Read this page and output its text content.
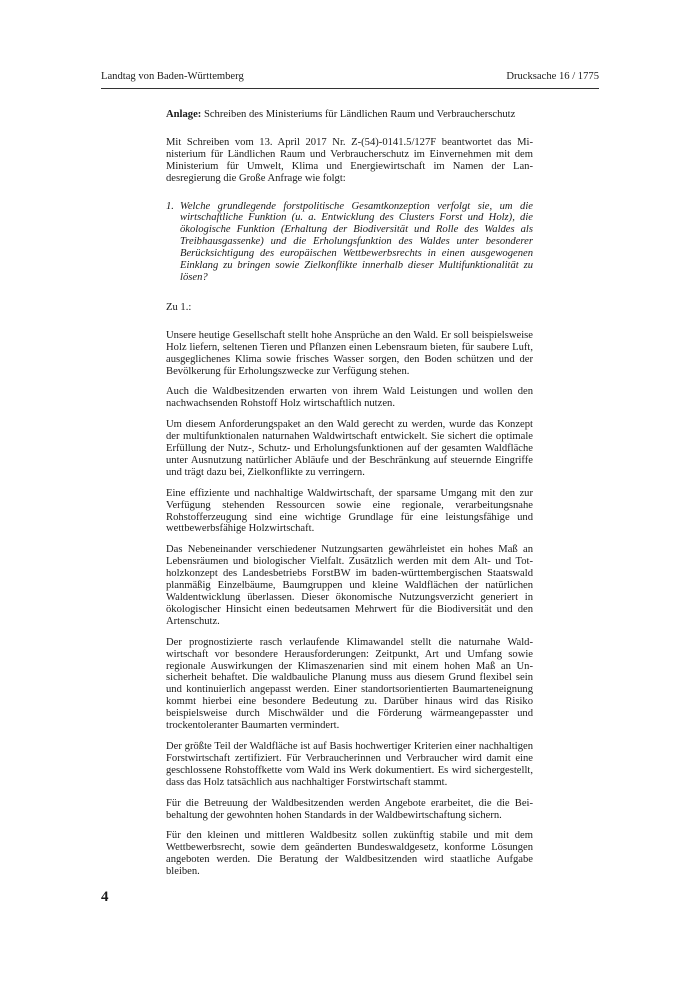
Landtag von Baden-Württemberg	Drucksache 16 / 1775

Anlage: Schreiben des Ministeriums für Ländlichen Raum und Verbraucherschutz

Mit Schreiben vom 13. April 2017 Nr. Z-(54)-0141.5/127F beantwortet das Ministerium für Ländlichen Raum und Verbraucherschutz im Einvernehmen mit dem Ministerium für Umwelt, Klima und Energiewirtschaft im Namen der Landesregierung die Große Anfrage wie folgt:

1. Welche grundlegende forstpolitische Gesamtkonzeption verfolgt sie, um die wirtschaftliche Funktion (u. a. Entwicklung des Clusters Forst und Holz), die ökologische Funktion (Erhaltung der Biodiversität und Rolle des Waldes als Treibhausgassenke) und die Erholungsfunktion des Waldes unter besonderer Berücksichtigung des europäischen Wettbewerbsrechts in einen ausgewogenen Einklang zu bringen sowie Zielkonflikte innerhalb dieser Multifunktionalität zu lösen?

Zu 1.:

Unsere heutige Gesellschaft stellt hohe Ansprüche an den Wald. Er soll beispielsweise Holz liefern, seltenen Tieren und Pflanzen einen Lebensraum bieten, für saubere Luft, ausgeglichenes Klima sowie frisches Wasser sorgen, den Boden schützen und der Bevölkerung für Erholungszwecke zur Verfügung stehen.

Auch die Waldbesitzenden erwarten von ihrem Wald Leistungen und wollen den nachwachsenden Rohstoff Holz wirtschaftlich nutzen.

Um diesem Anforderungspaket an den Wald gerecht zu werden, wurde das Konzept der multifunktionalen naturnahen Waldwirtschaft entwickelt. Sie sichert die optimale Erfüllung der Nutz-, Schutz- und Erholungsfunktionen auf der gesamten Waldfläche unter Ausnutzung natürlicher Abläufe und der Beschränkung auf steuernde Eingriffe und trägt dazu bei, Zielkonflikte zu verringern.

Eine effiziente und nachhaltige Waldwirtschaft, der sparsame Umgang mit den zur Verfügung stehenden Ressourcen sowie eine regionale, verarbeitungsnahe Rohstofferzeugung sind eine wichtige Grundlage für eine leistungsfähige und wettbewerbsfähige Holzwirtschaft.

Das Nebeneinander verschiedener Nutzungsarten gewährleistet ein hohes Maß an Lebensräumen und biologischer Vielfalt. Zusätzlich werden mit dem Alt- und Totholzkonzept des Landesbetriebs ForstBW im baden-württembergischen Staatswald planmäßig Einzelbäume, Baumgruppen und kleine Waldflächen der natürlichen Waldentwicklung überlassen. Dieser ökonomische Nutzungsverzicht generiert in ökologischer Hinsicht einen bedeutsamen Mehrwert für die Biodiversität und den Artenschutz.

Der prognostizierte rasch verlaufende Klimawandel stellt die naturnahe Waldwirtschaft vor besondere Herausforderungen: Zeitpunkt, Art und Umfang sowie regionale Auswirkungen der Klimaszenarien sind mit einem hohen Maß an Unsicherheit behaftet. Die waldbauliche Planung muss aus diesem Grund flexibel sein und kontinuierlich angepasst werden. Einer standortsorientierten Baumarteneignung kommt hierbei eine besondere Bedeutung zu. Darüber hinaus wird das Risiko beispielsweise durch Mischwälder und die Förderung wärmeangepasster und trockentoleranter Baumarten vermindert.

Der größte Teil der Waldfläche ist auf Basis hochwertiger Kriterien einer nachhaltigen Forstwirtschaft zertifiziert. Für Verbraucherinnen und Verbraucher wird damit eine geschlossene Rohstoffkette vom Wald ins Werk dokumentiert. Es wird sichergestellt, dass das Holz tatsächlich aus nachhaltiger Forstwirtschaft stammt.

Für die Betreuung der Waldbesitzenden werden Angebote erarbeitet, die die Beibehaltung der gewohnten hohen Standards in der Waldbewirtschaftung sichern.

Für den kleinen und mittleren Waldbesitz sollen zukünftig stabile und mit dem Wettbewerbsrecht, sowie dem geänderten Bundeswaldgesetz, konforme Lösungen angeboten werden. Die Beratung der Waldbesitzenden wird staatliche Aufgabe bleiben.

4
